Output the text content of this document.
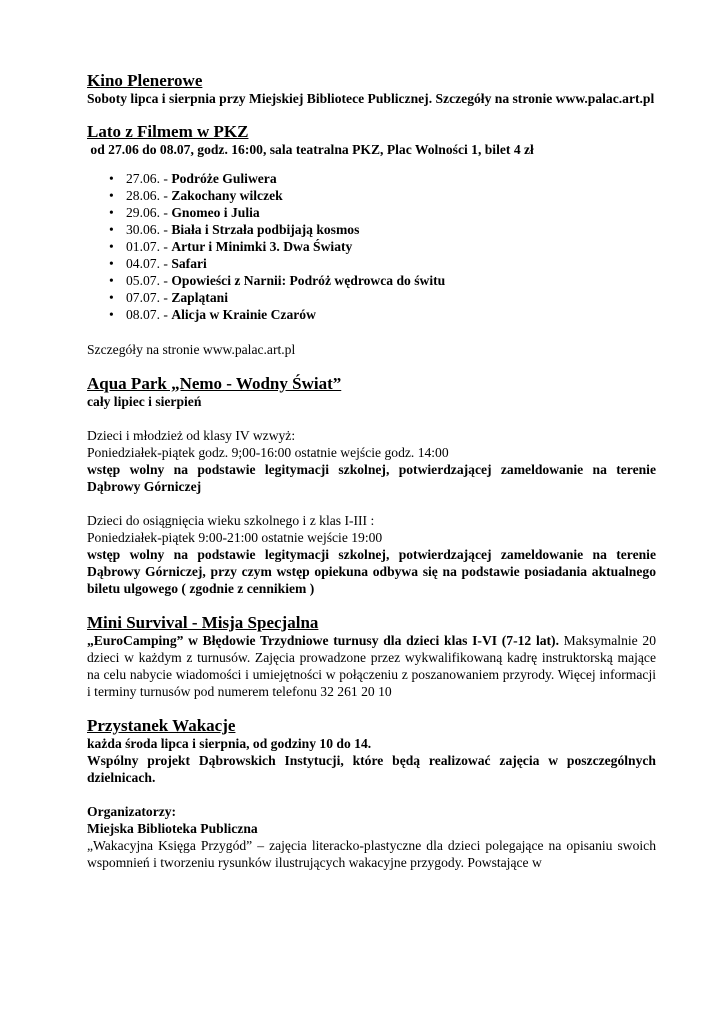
Kino Plenerowe

Soboty lipca i sierpnia przy Miejskiej Bibliotece Publicznej. Szczegóły na stronie www.palac.art.pl

Lato z Filmem w PKZ

od 27.06 do 08.07, godz. 16:00, sala teatralna PKZ, Plac Wolności 1, bilet 4 zł

• 27.06. - Podróże Guliwera
• 28.06. - Zakochany wilczek
• 29.06. - Gnomeo i Julia
• 30.06. - Biała i Strzała podbijają kosmos
• 01.07. - Artur i Minimki 3. Dwa Światy
• 04.07. - Safari
• 05.07. - Opowieści z Narnii: Podróż wędrowca do świtu
• 07.07. - Zaplątani
• 08.07. - Alicja w Krainie Czarów

Szczegóły na stronie www.palac.art.pl

Aqua Park „Nemo - Wodny Świat”

cały lipiec i sierpień

Dzieci i młodzież od klasy IV wzwyż:

Poniedziałek-piątek godz. 9;00-16:00 ostatnie wejście godz. 14:00

wstęp wolny na podstawie legitymacji szkolnej, potwierdzającej zameldowanie na terenie Dąbrowy Górniczej

Dzieci do osiągnięcia wieku szkolnego i z klas I-III :

Poniedziałek-piątek 9:00-21:00 ostatnie wejście 19:00

wstęp wolny na podstawie legitymacji szkolnej, potwierdzającej zameldowanie na terenie Dąbrowy Górniczej, przy czym wstęp opiekuna odbywa się na podstawie posiadania aktualnego biletu ulgowego ( zgodnie z cennikiem )

Mini Survival - Misja Specjalna

„EuroCamping” w Błędowie Trzydniowe turnusy dla dzieci klas I-VI (7-12 lat). Maksymalnie 20 dzieci w każdym z turnusów. Zajęcia prowadzone przez wykwalifikowaną kadrę instruktorską mające na celu nabycie wiadomości i umiejętności w połączeniu z poszanowaniem przyrody. Więcej informacji i terminy turnusów pod numerem telefonu 32 261 20 10

Przystanek Wakacje

każda środa lipca i sierpnia, od godziny 10 do 14.

Wspólny projekt Dąbrowskich Instytucji, które będą realizować zajęcia w poszczególnych dzielnicach.

Organizatorzy:

Miejska Biblioteka Publiczna

„Wakacyjna Księga Przygód” – zajęcia literacko-plastyczne dla dzieci polegające na opisaniu swoich wspomnień i tworzeniu rysunków ilustrujących wakacyjne przygody. Powstające w
